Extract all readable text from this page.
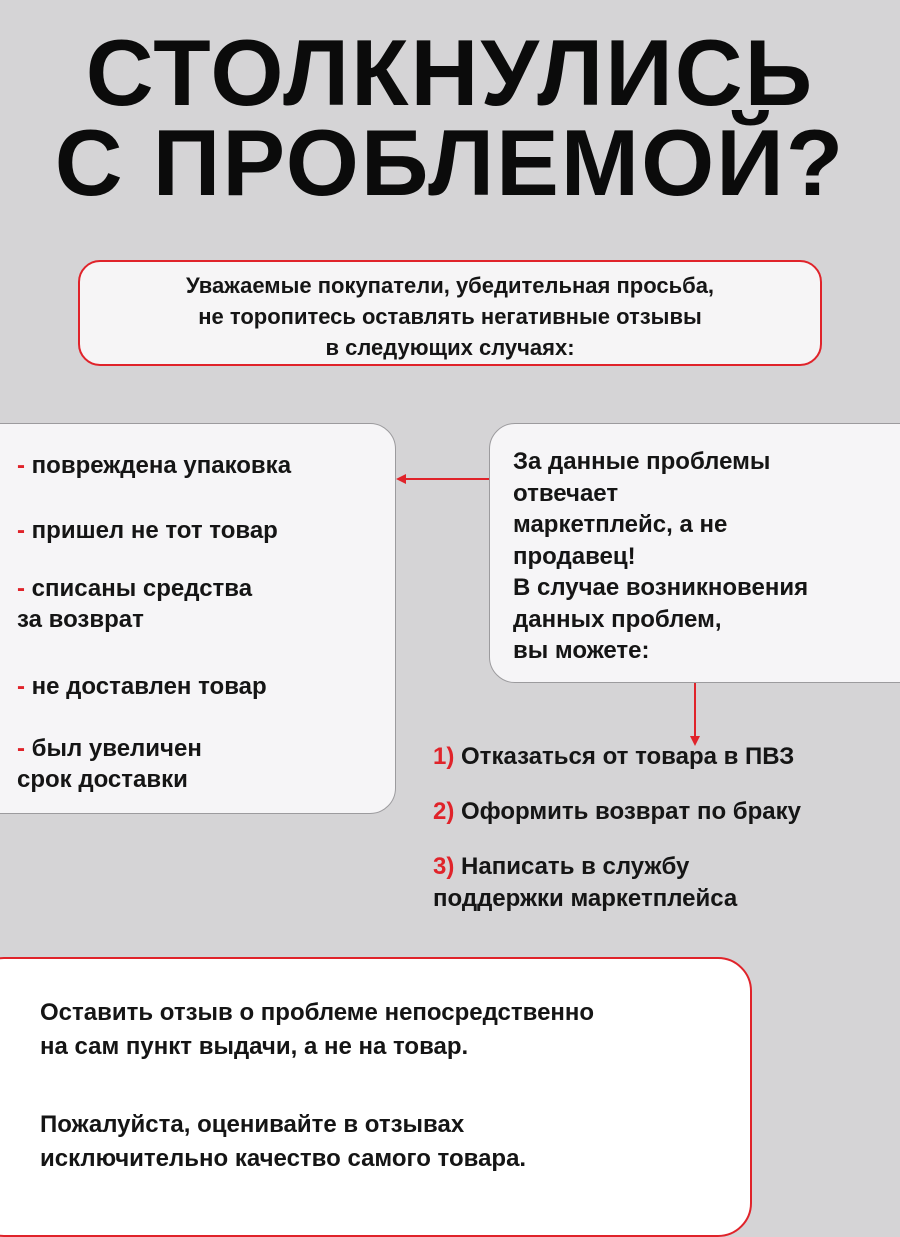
СТОЛКНУЛИСЬ
С ПРОБЛЕМОЙ?
Уважаемые покупатели, убедительная просьба,
не торопитесь оставлять негативные отзывы
в следующих случаях:
- повреждена упаковка
- пришел не тот товар
- списаны средства
за возврат
- не доставлен товар
- был увеличен
срок доставки
За данные проблемы
отвечает
маркетплейс, а не
продавец!
В случае возникновения
данных проблем,
вы можете:
1) Отказаться от товара в ПВЗ
2) Оформить возврат по браку
3) Написать в службу
поддержки маркетплейса
Оставить отзыв о проблеме непосредственно
на сам пункт выдачи, а не на товар.
Пожалуйста, оценивайте в отзывах
исключительно качество самого товара.
